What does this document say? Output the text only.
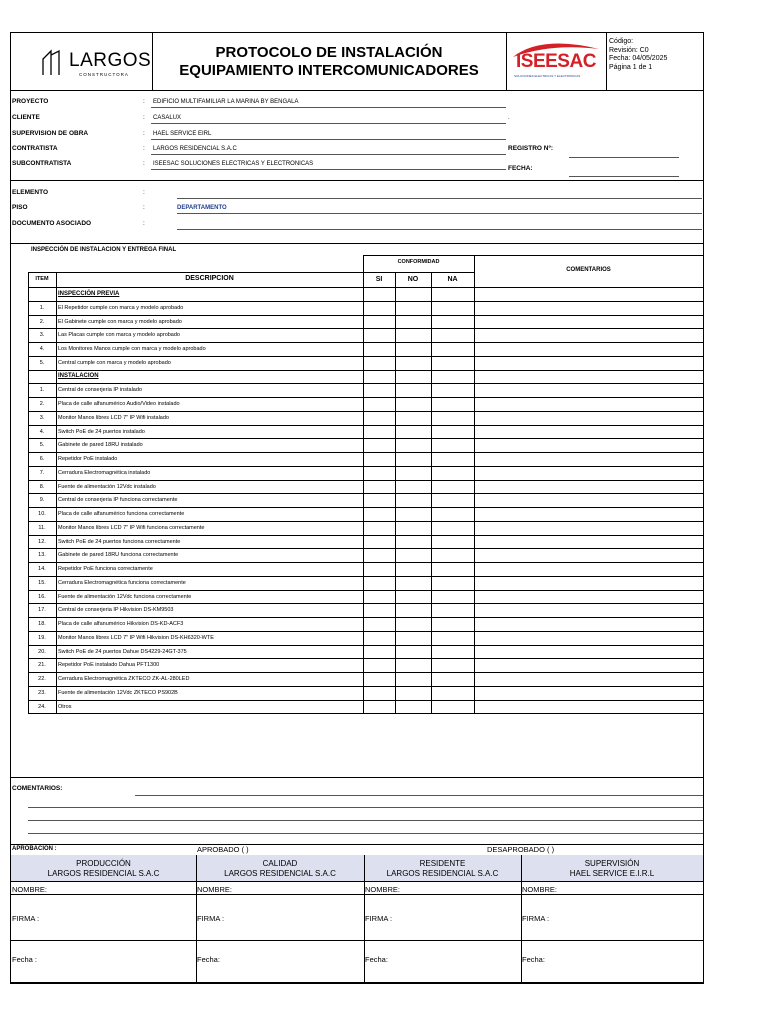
LARGOS
CONSTRUCTORA
PROTOCOLO DE INSTALACIÓN EQUIPAMIENTO INTERCOMUNICADORES	ISEESAC
SOLUCIONES ELECTRICAS Y ELECTRONICAS
Código:
Revisión: C0
Fecha: 04/05/2025
Página 1 de 1
PROYECTO	: EDIFICIO MULTIFAMILIAR LA MARINA BY BENGALA
CLIENTE	: CASALUX	.
SUPERVISION DE OBRA	: HAEL SERVICE EIRL
CONTRATISTA	: LARGOS RESIDENCIAL S.A.C
SUBCONTRATISTA	: ISEESAC SOLUCIONES ELECTRICAS Y ELECTRONICAS
ELEMENTO	:
PISO	:	DEPARTAMENTO
DOCUMENTO ASOCIADO	:
REGISTRO Nº:
FECHA:
INSPECCIÓN DE INSTALACION Y ENTREGA FINAL
CONFORMIDAD
ITEM	DESCRIPCION	SI	NO	NA
COMENTARIOS
INSPECCIÓN PREVIA
1.	El Repetidor cumple con marca y modelo aprobado
2.	El Gabinete cumple con marca y modelo aprobado
3.	Las Placas cumple con marca y modelo aprobado
4.	Los Monitores Manos cumple con marca y modelo aprobado
5.	Central cumple con marca y modelo aprobado
INSTALACION
1.	Central de conserjeria IP instalado
2.	Placa de calle alfanumérico Audio/Video instalado
3.	Monitor Manos libres LCD 7" IP Wifi instalado
4.	Switch PoE de 24 puertos instalado
5.	Gabinete de pared 18RU instalado
6.	Repetidor PoE instalado
7.	Cerradura Electromagnética instalado
8.	Fuente de alimentación 12Vdc instalado
9.	Central de conserjeria IP funciona correctamente
10.	Placa de calle alfanumérico funciona correctamente
11.	Monitor Manos libres LCD 7" IP Wifi funciona correctamente
12.	Switch PoE de 24 puertos funciona correctamente
13.	Gabinete de pared 18RU funciona correctamente
14.	Repetidor PoE funciona correctamente
15.	Cerradura Electromagnética funciona correctamente
16.	Fuente de alimentación 12Vdc funciona correctamente
17.	Central de conserjeria IP Hikvision DS-KM9503
18.	Placa de calle alfanumérico Hikvision DS-KD-ACF3
19.	Monitor Manos libres LCD 7" IP Wifi Hikvision DS-KH6320-WTE
20.	Switch PoE de 24 puertos Dahue DS4229-24GT-375
21.	Repetidor PoE instalado Dahua PFT1300
22.	Cerradura Electromagnética ZKTECO ZK-AL-280LED
23.	Fuente de alimentación 12Vdc ZKTECO PS902B
24.	Otros
COMENTARIOS:
APROBACIÓN :	APROBADO ( )	DESAPROBADO ( )
PRODUCCIÓN
LARGOS RESIDENCIAL S.A.C
NOMBRE:
FIRMA :
Fecha :
CALIDAD
LARGOS RESIDENCIAL S.A.C
NOMBRE:
FIRMA :
Fecha:
RESIDENTE
LARGOS RESIDENCIAL S.A.C
NOMBRE:
FIRMA :
Fecha:
SUPERVISIÓN
HAEL SERVICE E.I.R.L
NOMBRE:
FIRMA :
Fecha:
